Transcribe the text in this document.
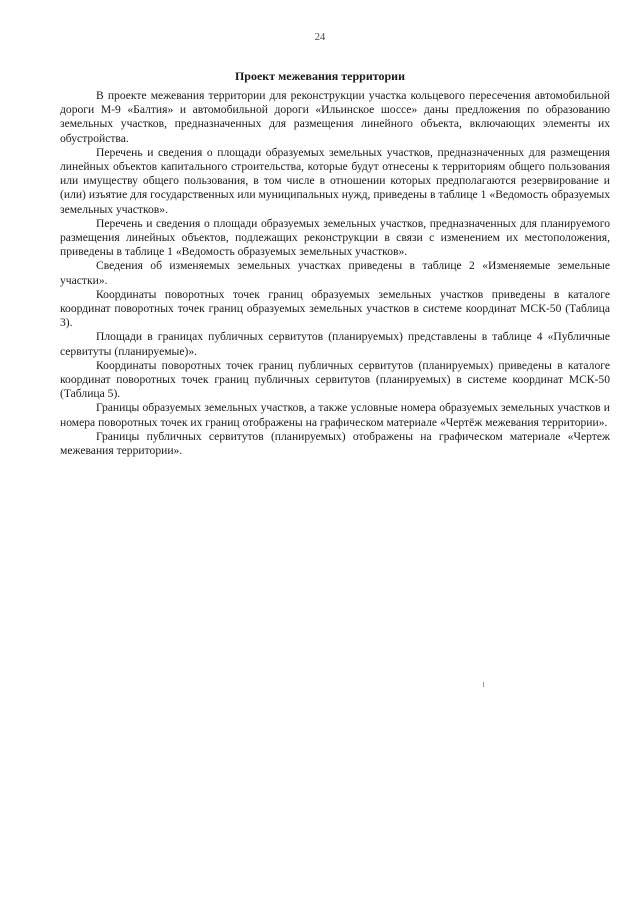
24
Проект межевания территории

В проекте межевания территории для реконструкции участка кольцевого пересечения автомобильной дороги М-9 «Балтия» и автомобильной дороги «Ильинское шоссе» даны предложения по образованию земельных участков, предназначенных для размещения линейного объекта, включающих элементы их обустройства.

Перечень и сведения о площади образуемых земельных участков, предназначенных для размещения линейных объектов капитального строительства, которые будут отнесены к территориям общего пользования или имуществу общего пользования, в том числе в отношении которых предполагаются резервирование и (или) изъятие для государственных или муниципальных нужд, приведены в таблице 1 «Ведомость образуемых земельных участков».

Перечень и сведения о площади образуемых земельных участков, предназначенных для планируемого размещения линейных объектов, подлежащих реконструкции в связи с изменением их местоположения, приведены в таблице 1 «Ведомость образуемых земельных участков».

Сведения об изменяемых земельных участках приведены в таблице 2 «Изменяемые земельные участки».

Координаты поворотных точек границ образуемых земельных участков приведены в каталоге координат поворотных точек границ образуемых земельных участков в системе координат МСК-50 (Таблица 3).

Площади в границах публичных сервитутов (планируемых) представлены в таблице 4 «Публичные сервитуты (планируемые)».

Координаты поворотных точек границ публичных сервитутов (планируемых) приведены в каталоге координат поворотных точек границ публичных сервитутов (планируемых) в системе координат МСК-50 (Таблица 5).

Границы образуемых земельных участков, а также условные номера образуемых земельных участков и номера поворотных точек их границ отображены на графическом материале «Чертёж межевания территории».

Границы публичных сервитутов (планируемых) отображены на графическом материале «Чертеж межевания территории».
